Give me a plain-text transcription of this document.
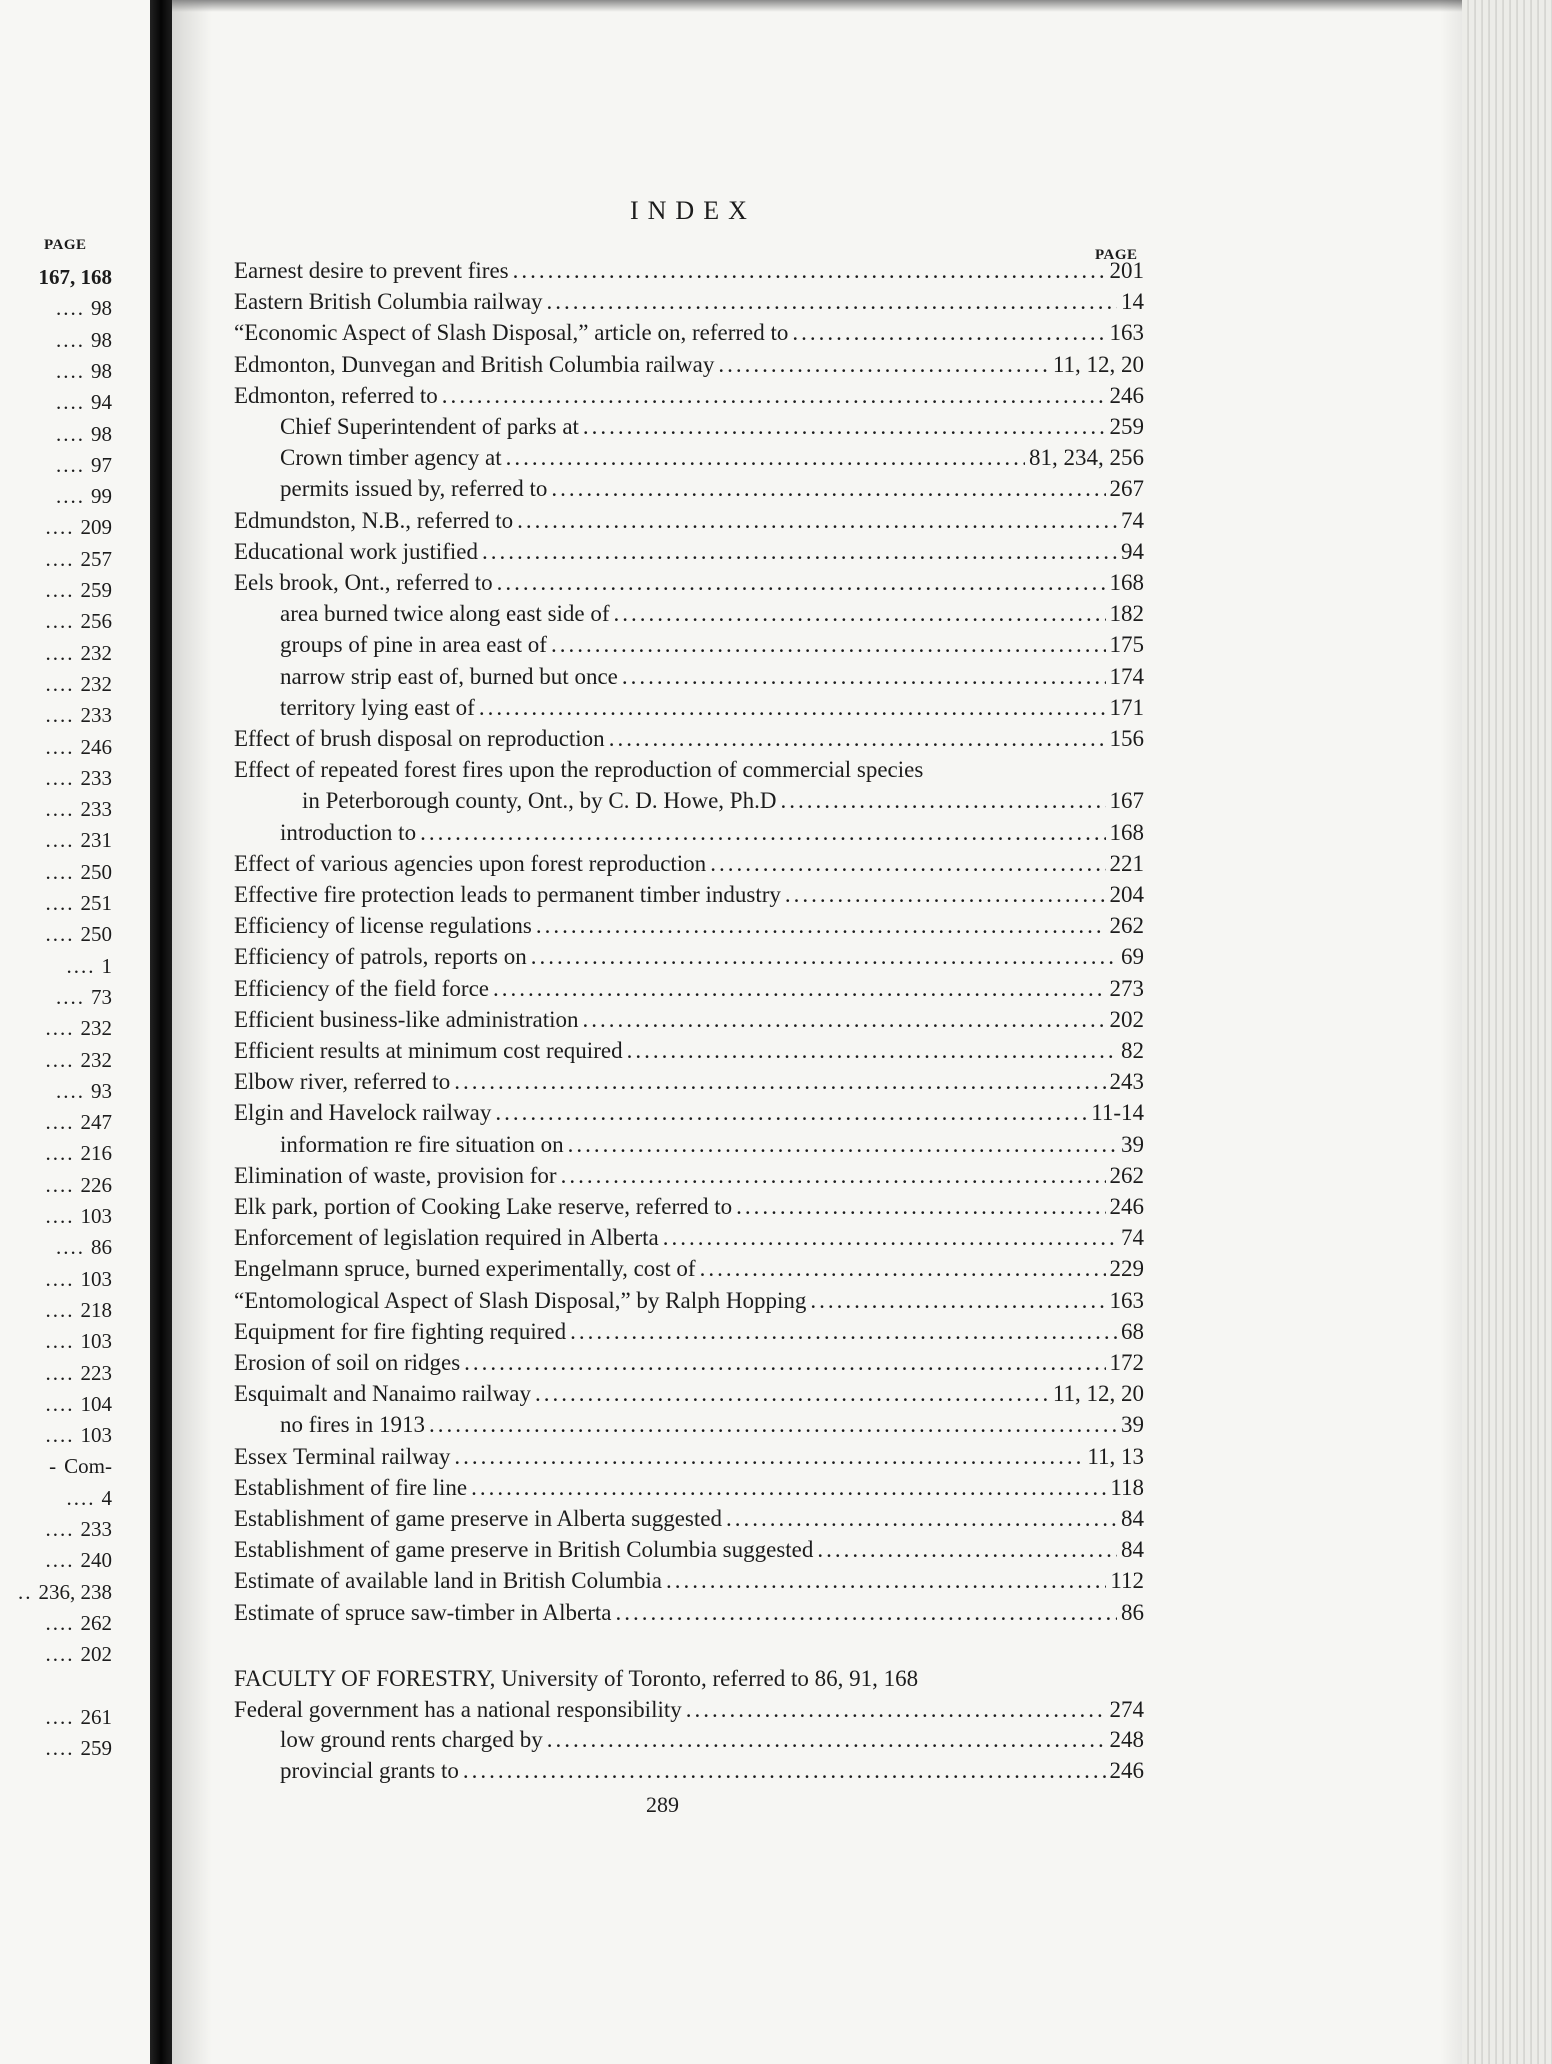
PAGE
167, 168
.... 98
.... 98
.... 98
.... 94
.... 98
.... 97
.... 99
.... 209
.... 257
.... 259
.... 256
.... 232
.... 232
.... 233
.... 246
.... 233
.... 233
.... 231
.... 250
.... 251
.... 250
.... 1
.... 73
.... 232
.... 232
.... 93
.... 247
.... 216
.... 226
.... 103
.... 86
.... 103
.... 218
.... 103
.... 223
.... 104
.... 103
- Com-
.... 4
.... 233
.... 240
.. 236, 238
.... 262
.... 202
.... 261
.... 259
INDEX
PAGE
Earnest desire to prevent fires .....	201
Eastern British Columbia railway .....	14
“Economic Aspect of Slash Disposal,” article on, referred to .....	163
Edmonton, Dunvegan and British Columbia railway .....	11, 12, 20
Edmonton, referred to .....	246
Chief Superintendent of parks at .....	259
Crown timber agency at .....	81, 234, 256
permits issued by, referred to .....	267
Edmundston, N.B., referred to .....	74
Educational work justified .....	94
Eels brook, Ont., referred to .....	168
area burned twice along east side of .....	182
groups of pine in area east of .....	175
narrow strip east of, burned but once .....	174
territory lying east of .....	171
Effect of brush disposal on reproduction .....	156
Effect of repeated forest fires upon the reproduction of commercial species
in Peterborough county, Ont., by C. D. Howe, Ph.D .....	167
introduction to .....	168
Effect of various agencies upon forest reproduction .....	221
Effective fire protection leads to permanent timber industry .....	204
Efficiency of license regulations .....	262
Efficiency of patrols, reports on .....	69
Efficiency of the field force .....	273
Efficient business-like administration .....	202
Efficient results at minimum cost required .....	82
Elbow river, referred to .....	243
Elgin and Havelock railway .....	11-14
information re fire situation on .....	39
Elimination of waste, provision for .....	262
Elk park, portion of Cooking Lake reserve, referred to .....	246
Enforcement of legislation required in Alberta .....	74
Engelmann spruce, burned experimentally, cost of .....	229
“Entomological Aspect of Slash Disposal,” by Ralph Hopping .....	163
Equipment for fire fighting required .....	68
Erosion of soil on ridges .....	172
Esquimalt and Nanaimo railway .....	11, 12, 20
no fires in 1913 .....	39
Essex Terminal railway .....	11, 13
Establishment of fire line .....	118
Establishment of game preserve in Alberta suggested .....	84
Establishment of game preserve in British Columbia suggested .....	84
Estimate of available land in British Columbia .....	112
Estimate of spruce saw-timber in Alberta .....	86
FACULTY OF FORESTRY, University of Toronto, referred to 86, 91, 168
Federal government has a national responsibility .....	274
low ground rents charged by .....	248
provincial grants to .....	246
289
